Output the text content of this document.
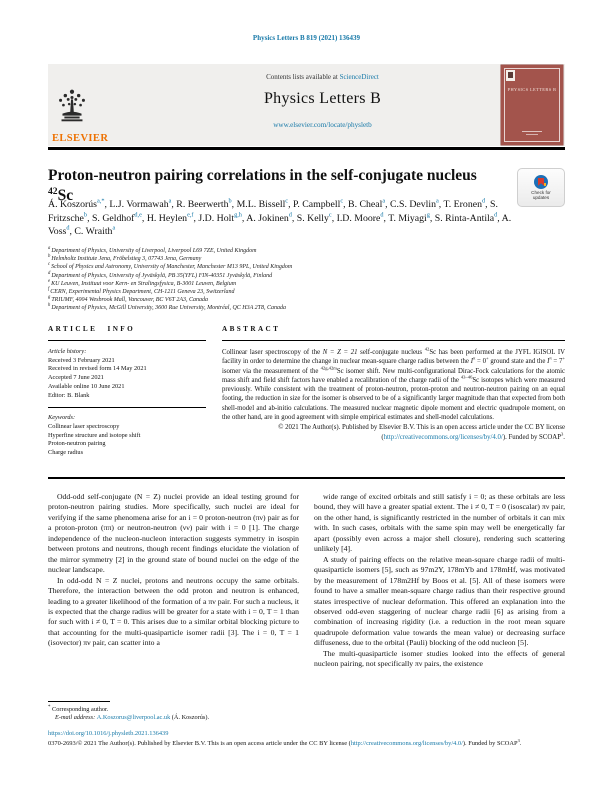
Physics Letters B 819 (2021) 136439
ELSEVIER
Contents lists available at ScienceDirect
Physics Letters B
www.elsevier.com/locate/physletb
PHYSICS LETTERS B
Proton-neutron pairing correlations in the self-conjugate nucleus $^{42}$Sc	Check for
updates
Á. Koszorús$^{a,*}$, L.J. Vormawah$^a$, R. Beerwerth$^b$, M.L. Bissell$^c$, P. Campbell$^c$, B. Cheal$^a$, C.S. Devlin$^a$, T. Eronen$^d$, S. Fritzsche$^b$, S. Geldhof$^{d,e}$, H. Heylen$^{e,f}$, J.D. Holt$^{g,h}$, A. Jokinen$^d$, S. Kelly$^c$, I.D. Moore$^d$, T. Miyagi$^g$, S. Rinta-Antila$^d$, A. Voss$^d$, C. Wraith$^a$
$^a$Department of Physics, University of Liverpool, Liverpool L69 7ZE, United Kingdom
$^b$Helmholtz Institute Jena, Fröbelstieg 3, 07743 Jena, Germany
$^c$School of Physics and Astronomy, University of Manchester, Manchester M13 9PL, United Kingdom
$^d$Department of Physics, University of Jyväskylä, PB 35(YFL) FIN-40351 Jyväskylä, Finland
$^e$KU Leuven, Instituut voor Kern- en Stralingsfysica, B-3001 Leuven, Belgium
$^f$CERN, Experimental Physics Department, CH-1211 Geneva 23, Switzerland
$^g$TRIUMF, 4004 Wesbrook Mall, Vancouver, BC V6T 2A3, Canada
$^h$Department of Physics, McGill University, 3600 Rue University, Montréal, QC H3A 2T8, Canada
ARTICLE INFO
Article history:
Received 3 February 2021
Received in revised form 14 May 2021
Accepted 7 June 2021
Available online 10 June 2021
Editor: B. Blank
Keywords:
Collinear laser spectroscopy
Hyperfine structure and isotope shift
Proton-neutron pairing
Charge radius
ABSTRACT

Collinear laser spectroscopy of the N = Z = 21 self-conjugate nucleus $^{42}$Sc has been performed at the JYFL IGISOL IV facility in order to determine the change in nuclear mean-square charge radius between the $I^\pi = 0^+$ ground state and the $I^\pi = 7^+$ isomer via the measurement of the $^{42g,42m}$Sc isomer shift. New multi-configurational Dirac-Fock calculations for the atomic mass shift and field shift factors have enabled a recalibration of the charge radii of the $^{43-46}$Sc isotopes which were measured previously. While consistent with the treatment of proton-neutron, proton-proton and neutron-neutron pairing on an equal footing, the reduction in size for the isomer is observed to be of a significantly larger magnitude than that expected from both shell-model and ab-initio calculations. The measured nuclear magnetic dipole moment and electric quadrupole moment, on the other hand, are in good agreement with simple empirical estimates and shell-model calculations.

© 2021 The Author(s). Published by Elsevier B.V. This is an open access article under the CC BY license (http://creativecommons.org/licenses/by/4.0/). Funded by SCOAP$^3$.

Odd-odd self-conjugate (N = Z) nuclei provide an ideal testing ground for proton-neutron pairing studies. More specifically, such nuclei are ideal for verifying if the same phenomena arise for an i = 0 proton-neutron (πν) pair as for a proton-proton (ππ) or neutron-neutron (νν) pair with i = 0 [1]. The charge independence of the nucleon-nucleon interaction suggests symmetry in isospin between protons and neutrons, though recent findings elucidate the violation of the mirror symmetry [2] in the ground state of bound nuclei on the edge of the nuclear landscape.

In odd-odd N = Z nuclei, protons and neutrons occupy the same orbitals. Therefore, the interaction between the odd proton and neutron is enhanced, leading to a greater likelihood of the formation of a πν pair. For such a nucleus, it is expected that the charge radius will be greater for a state with i = 0, T = 1 than for such with i ≠ 0, T = 0. This arises due to a similar orbital blocking picture to that accounting for the multi-quasiparticle isomer radii [3]. The i = 0, T = 1 (isovector) πν pair, can scatter into a

* Corresponding author.
E-mail address: A.Koszorus@liverpool.ac.uk (Á. Koszorús).

wide range of excited orbitals and still satisfy i = 0; as these orbitals are less bound, they will have a greater spatial extent. The i ≠ 0, T = 0 (isoscalar) πν pair, on the other hand, is significantly restricted in the number of orbitals it can mix with. In such cases, orbitals with the same spin may well be energetically far apart (possibly even across a major shell closure), rendering such scattering unlikely [4].

A study of pairing effects on the relative mean-square charge radii of multi-quasiparticle isomers [5], such as 97m2Y, 178mYb and 178mHf, was motivated by the measurement of 178m2Hf by Boos et al. [5]. All of these isomers were found to have a smaller mean-square charge radius than their respective ground states irrespective of nuclear deformation. This offered an explanation into the observed odd-even staggering of nuclear charge radii [6] as arising from a combination of increasing rigidity (i.e. a reduction in the root mean square quadrupole deformation value towards the mean value) or decreasing surface diffuseness, due to the orbital (Pauli) blocking of the odd nucleon [5].

The multi-quasiparticle isomer studies looked into the effects of general nucleon pairing, not specifically πν pairs, the existence

https://doi.org/10.1016/j.physletb.2021.136439

0370-2693/© 2021 The Author(s). Published by Elsevier B.V. This is an open access article under the CC BY license (http://creativecommons.org/licenses/by/4.0/). Funded by SCOAP$^3$.
